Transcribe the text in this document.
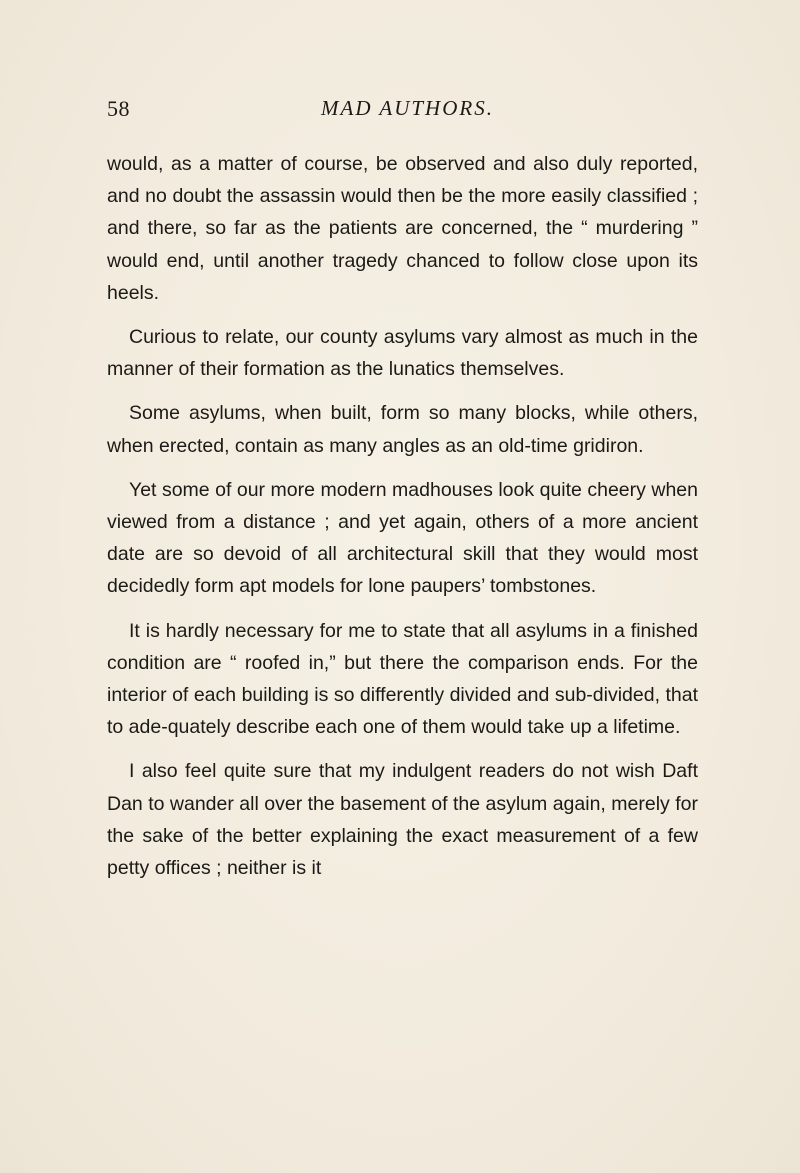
58	MAD AUTHORS.

would, as a matter of course, be observed and also duly reported, and no doubt the assassin would then be the more easily classified ; and there, so far as the patients are concerned, the “ murdering ” would end, until another tragedy chanced to follow close upon its heels.

Curious to relate, our county asylums vary almost as much in the manner of their formation as the lunatics themselves.

Some asylums, when built, form so many blocks, while others, when erected, contain as many angles as an old-time gridiron.

Yet some of our more modern madhouses look quite cheery when viewed from a distance ; and yet again, others of a more ancient date are so devoid of all architectural skill that they would most decidedly form apt models for lone paupers’ tombstones.

It is hardly necessary for me to state that all asylums in a finished condition are “ roofed in,” but there the comparison ends. For the interior of each building is so differently divided and sub-divided, that to ade-quately describe each one of them would take up a lifetime.

I also feel quite sure that my indulgent readers do not wish Daft Dan to wander all over the basement of the asylum again, merely for the sake of the better explaining the exact measurement of a few petty offices ; neither is it
